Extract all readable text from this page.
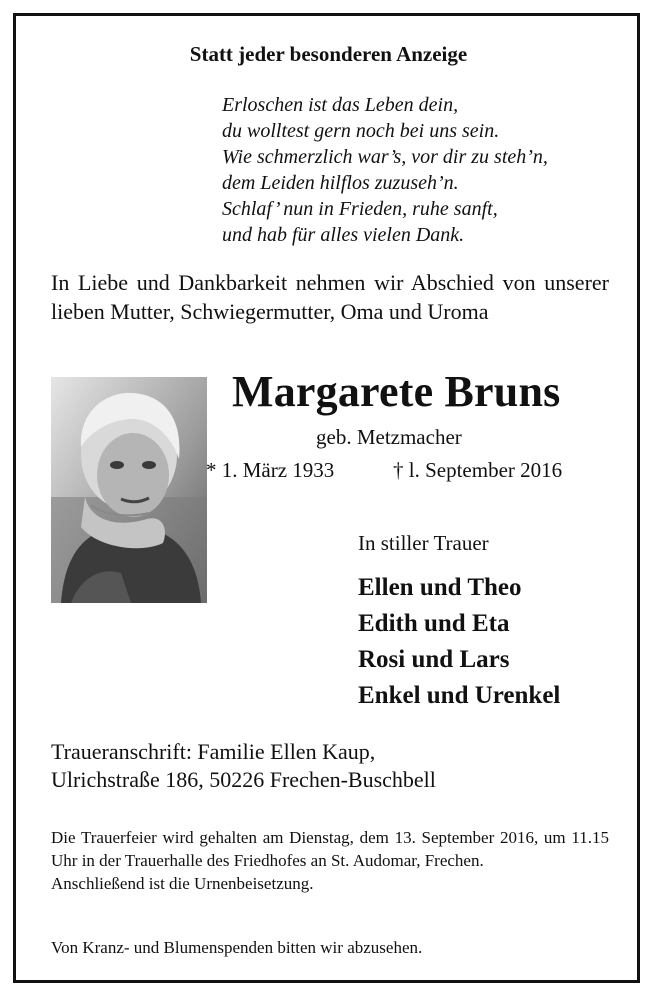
Statt jeder besonderen Anzeige
Erloschen ist das Leben dein,
du wolltest gern noch bei uns sein.
Wie schmerzlich war’s, vor dir zu steh’n,
dem Leiden hilflos zuzuseh’n.
Schlaf’ nun in Frieden, ruhe sanft,
und hab für alles vielen Dank.
In Liebe und Dankbarkeit nehmen wir Abschied von unserer lieben Mutter, Schwiegermutter, Oma und Uroma
Margarete Bruns
geb. Metzmacher
* 1. März 1933	† l. September 2016
In stiller Trauer
Ellen und Theo
Edith und Eta
Rosi und Lars
Enkel und Urenkel
Traueranschrift: Familie Ellen Kaup,
Ulrichstraße 186, 50226 Frechen-Buschbell
Die Trauerfeier wird gehalten am Dienstag, dem 13. September 2016, um 11.15 Uhr in der Trauerhalle des Friedhofes an St. Audomar, Frechen.
Anschließend ist die Urnenbeisetzung.
Von Kranz- und Blumenspenden bitten wir abzusehen.
